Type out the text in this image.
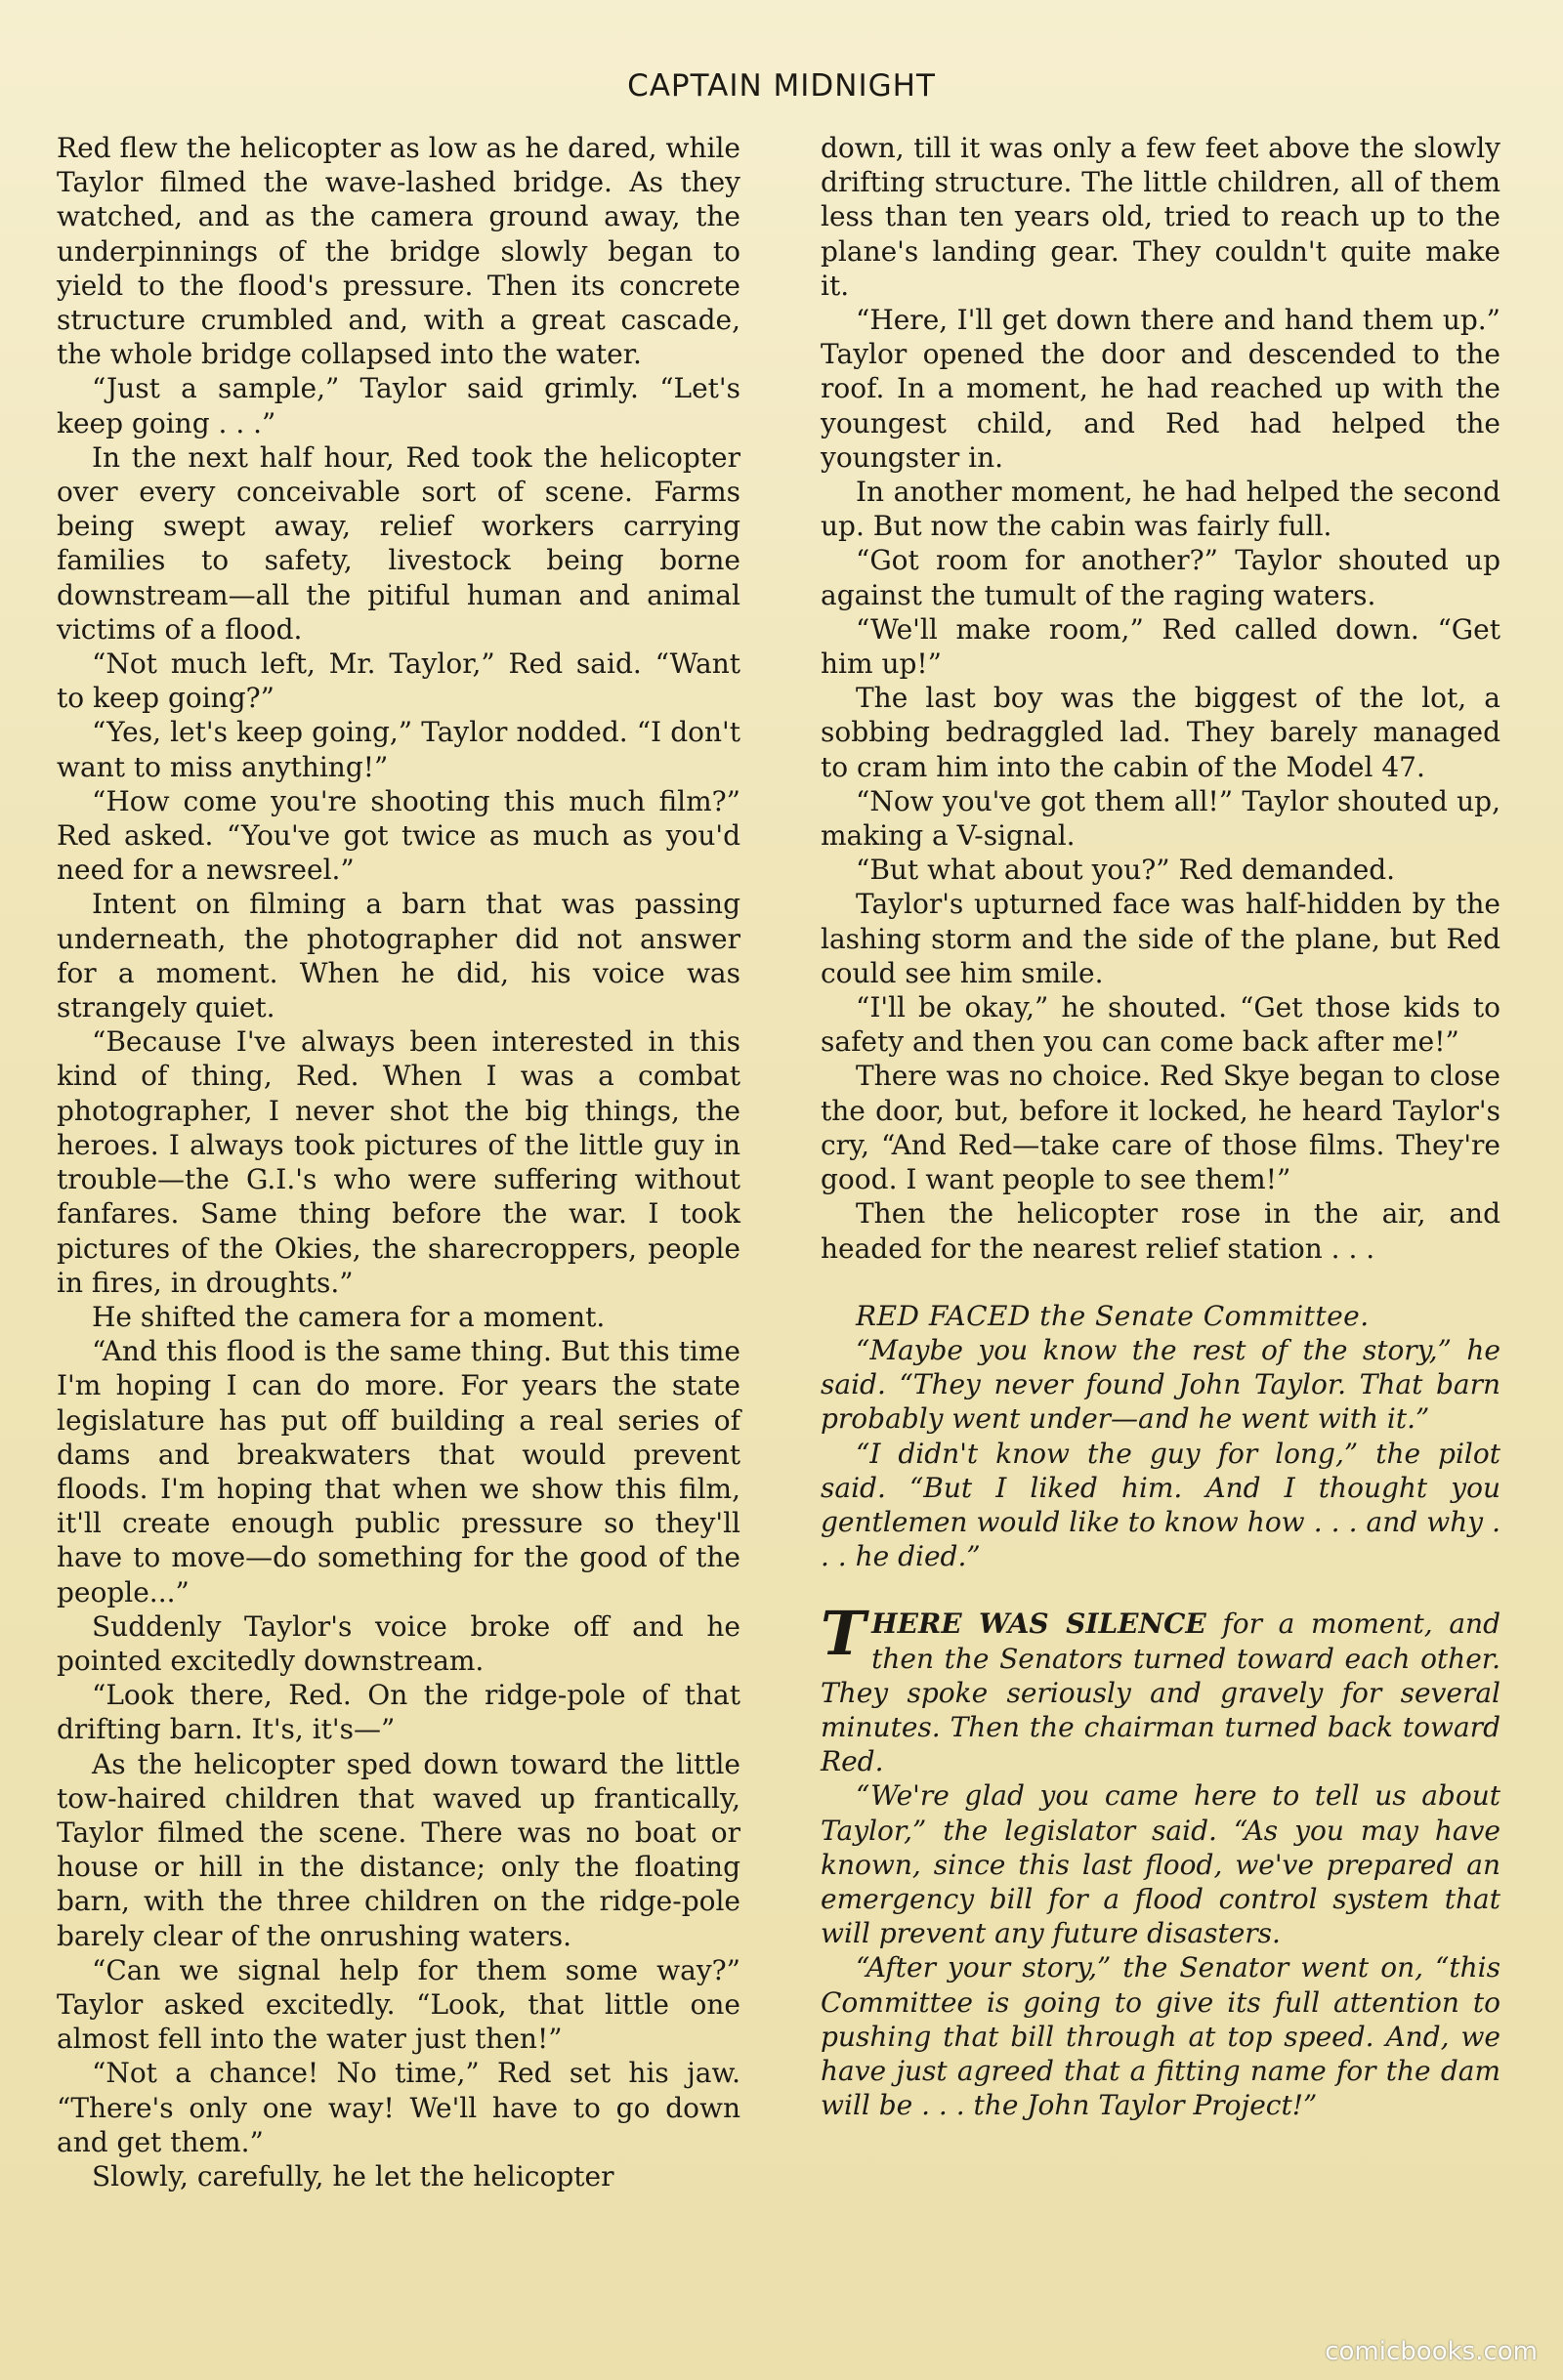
CAPTAIN MIDNIGHT

Red flew the helicopter as low as he dared, while Taylor filmed the wave-lashed bridge. As they watched, and as the camera ground away, the underpinnings of the bridge slowly began to yield to the flood's pressure. Then its concrete structure crumbled and, with a great cascade, the whole bridge collapsed into the water.

“Just a sample,” Taylor said grimly. “Let's keep going . . .”

In the next half hour, Red took the helicopter over every conceivable sort of scene. Farms being swept away, relief workers carrying families to safety, livestock being borne downstream—all the pitiful human and animal victims of a flood.

“Not much left, Mr. Taylor,” Red said. “Want to keep going?”

“Yes, let's keep going,” Taylor nodded. “I don't want to miss anything!”

“How come you're shooting this much film?” Red asked. “You've got twice as much as you'd need for a newsreel.”

Intent on filming a barn that was passing underneath, the photographer did not answer for a moment. When he did, his voice was strangely quiet.

“Because I've always been interested in this kind of thing, Red. When I was a combat photographer, I never shot the big things, the heroes. I always took pictures of the little guy in trouble—the G.I.'s who were suffering without fanfares. Same thing before the war. I took pictures of the Okies, the sharecroppers, people in fires, in droughts.”

He shifted the camera for a moment.

“And this flood is the same thing. But this time I'm hoping I can do more. For years the state legislature has put off building a real series of dams and breakwaters that would prevent floods. I'm hoping that when we show this film, it'll create enough public pressure so they'll have to move—do something for the good of the people...”

Suddenly Taylor's voice broke off and he pointed excitedly downstream.

“Look there, Red. On the ridge-pole of that drifting barn. It's, it's—”

As the helicopter sped down toward the little tow-haired children that waved up frantically, Taylor filmed the scene. There was no boat or house or hill in the distance; only the floating barn, with the three children on the ridge-pole barely clear of the onrushing waters.

“Can we signal help for them some way?” Taylor asked excitedly. “Look, that little one almost fell into the water just then!”

“Not a chance! No time,” Red set his jaw. “There's only one way! We'll have to go down and get them.”

Slowly, carefully, he let the helicopter

down, till it was only a few feet above the slowly drifting structure. The little children, all of them less than ten years old, tried to reach up to the plane's landing gear. They couldn't quite make it.

“Here, I'll get down there and hand them up.” Taylor opened the door and descended to the roof. In a moment, he had reached up with the youngest child, and Red had helped the youngster in.

In another moment, he had helped the second up. But now the cabin was fairly full.

“Got room for another?” Taylor shouted up against the tumult of the raging waters.

“We'll make room,” Red called down. “Get him up!”

The last boy was the biggest of the lot, a sobbing bedraggled lad. They barely managed to cram him into the cabin of the Model 47.

“Now you've got them all!” Taylor shouted up, making a V-signal.

“But what about you?” Red demanded.

Taylor's upturned face was half-hidden by the lashing storm and the side of the plane, but Red could see him smile.

“I'll be okay,” he shouted. “Get those kids to safety and then you can come back after me!”

There was no choice. Red Skye began to close the door, but, before it locked, he heard Taylor's cry, “And Red—take care of those films. They're good. I want people to see them!”

Then the helicopter rose in the air, and headed for the nearest relief station . . .

RED FACED the Senate Committee.

“Maybe you know the rest of the story,” he said. “They never found John Taylor. That barn probably went under—and he went with it.”

“I didn't know the guy for long,” the pilot said. “But I liked him. And I thought you gentlemen would like to know how . . . and why . . . he died.”

THERE WAS SILENCE for a moment, and then the Senators turned toward each other. They spoke seriously and gravely for several minutes. Then the chairman turned back toward Red.

“We're glad you came here to tell us about Taylor,” the legislator said. “As you may have known, since this last flood, we've prepared an emergency bill for a flood control system that will prevent any future disasters.

“After your story,” the Senator went on, “this Committee is going to give its full attention to pushing that bill through at top speed. And, we have just agreed that a fitting name for the dam will be . . . the John Taylor Project!”

comicbooks.com
